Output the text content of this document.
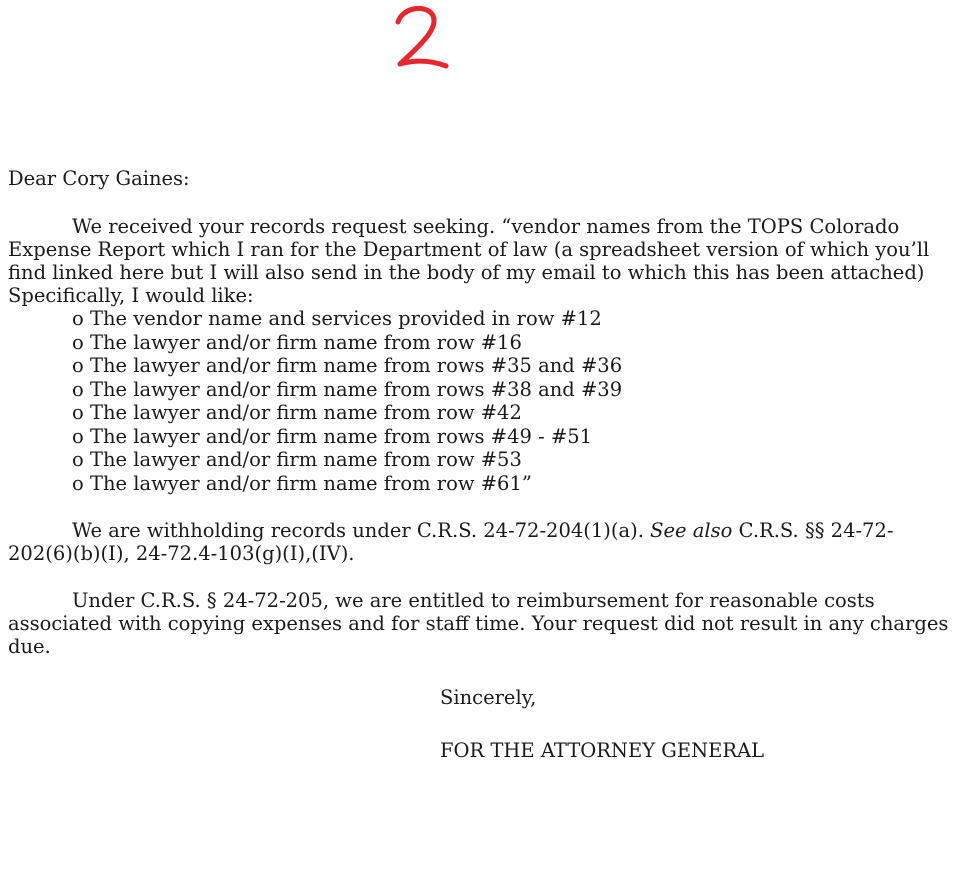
Dear Cory Gaines:

We received your records request seeking. “vendor names from the TOPS Colorado Expense Report which I ran for the Department of law (a spreadsheet version of which you’ll find linked here but I will also send in the body of my email to which this has been attached) Specifically, I would like:

o The vendor name and services provided in row #12
o The lawyer and/or firm name from row #16
o The lawyer and/or firm name from rows #35 and #36
o The lawyer and/or firm name from rows #38 and #39
o The lawyer and/or firm name from row #42
o The lawyer and/or firm name from rows #49 - #51
o The lawyer and/or firm name from row #53
o The lawyer and/or firm name from row #61”

We are withholding records under C.R.S. 24-72-204(1)(a). See also C.R.S. §§ 24-72-202(6)(b)(I), 24-72.4-103(g)(I),(IV).

Under C.R.S. § 24-72-205, we are entitled to reimbursement for reasonable costs associated with copying expenses and for staff time. Your request did not result in any charges due.

Sincerely,

FOR THE ATTORNEY GENERAL
